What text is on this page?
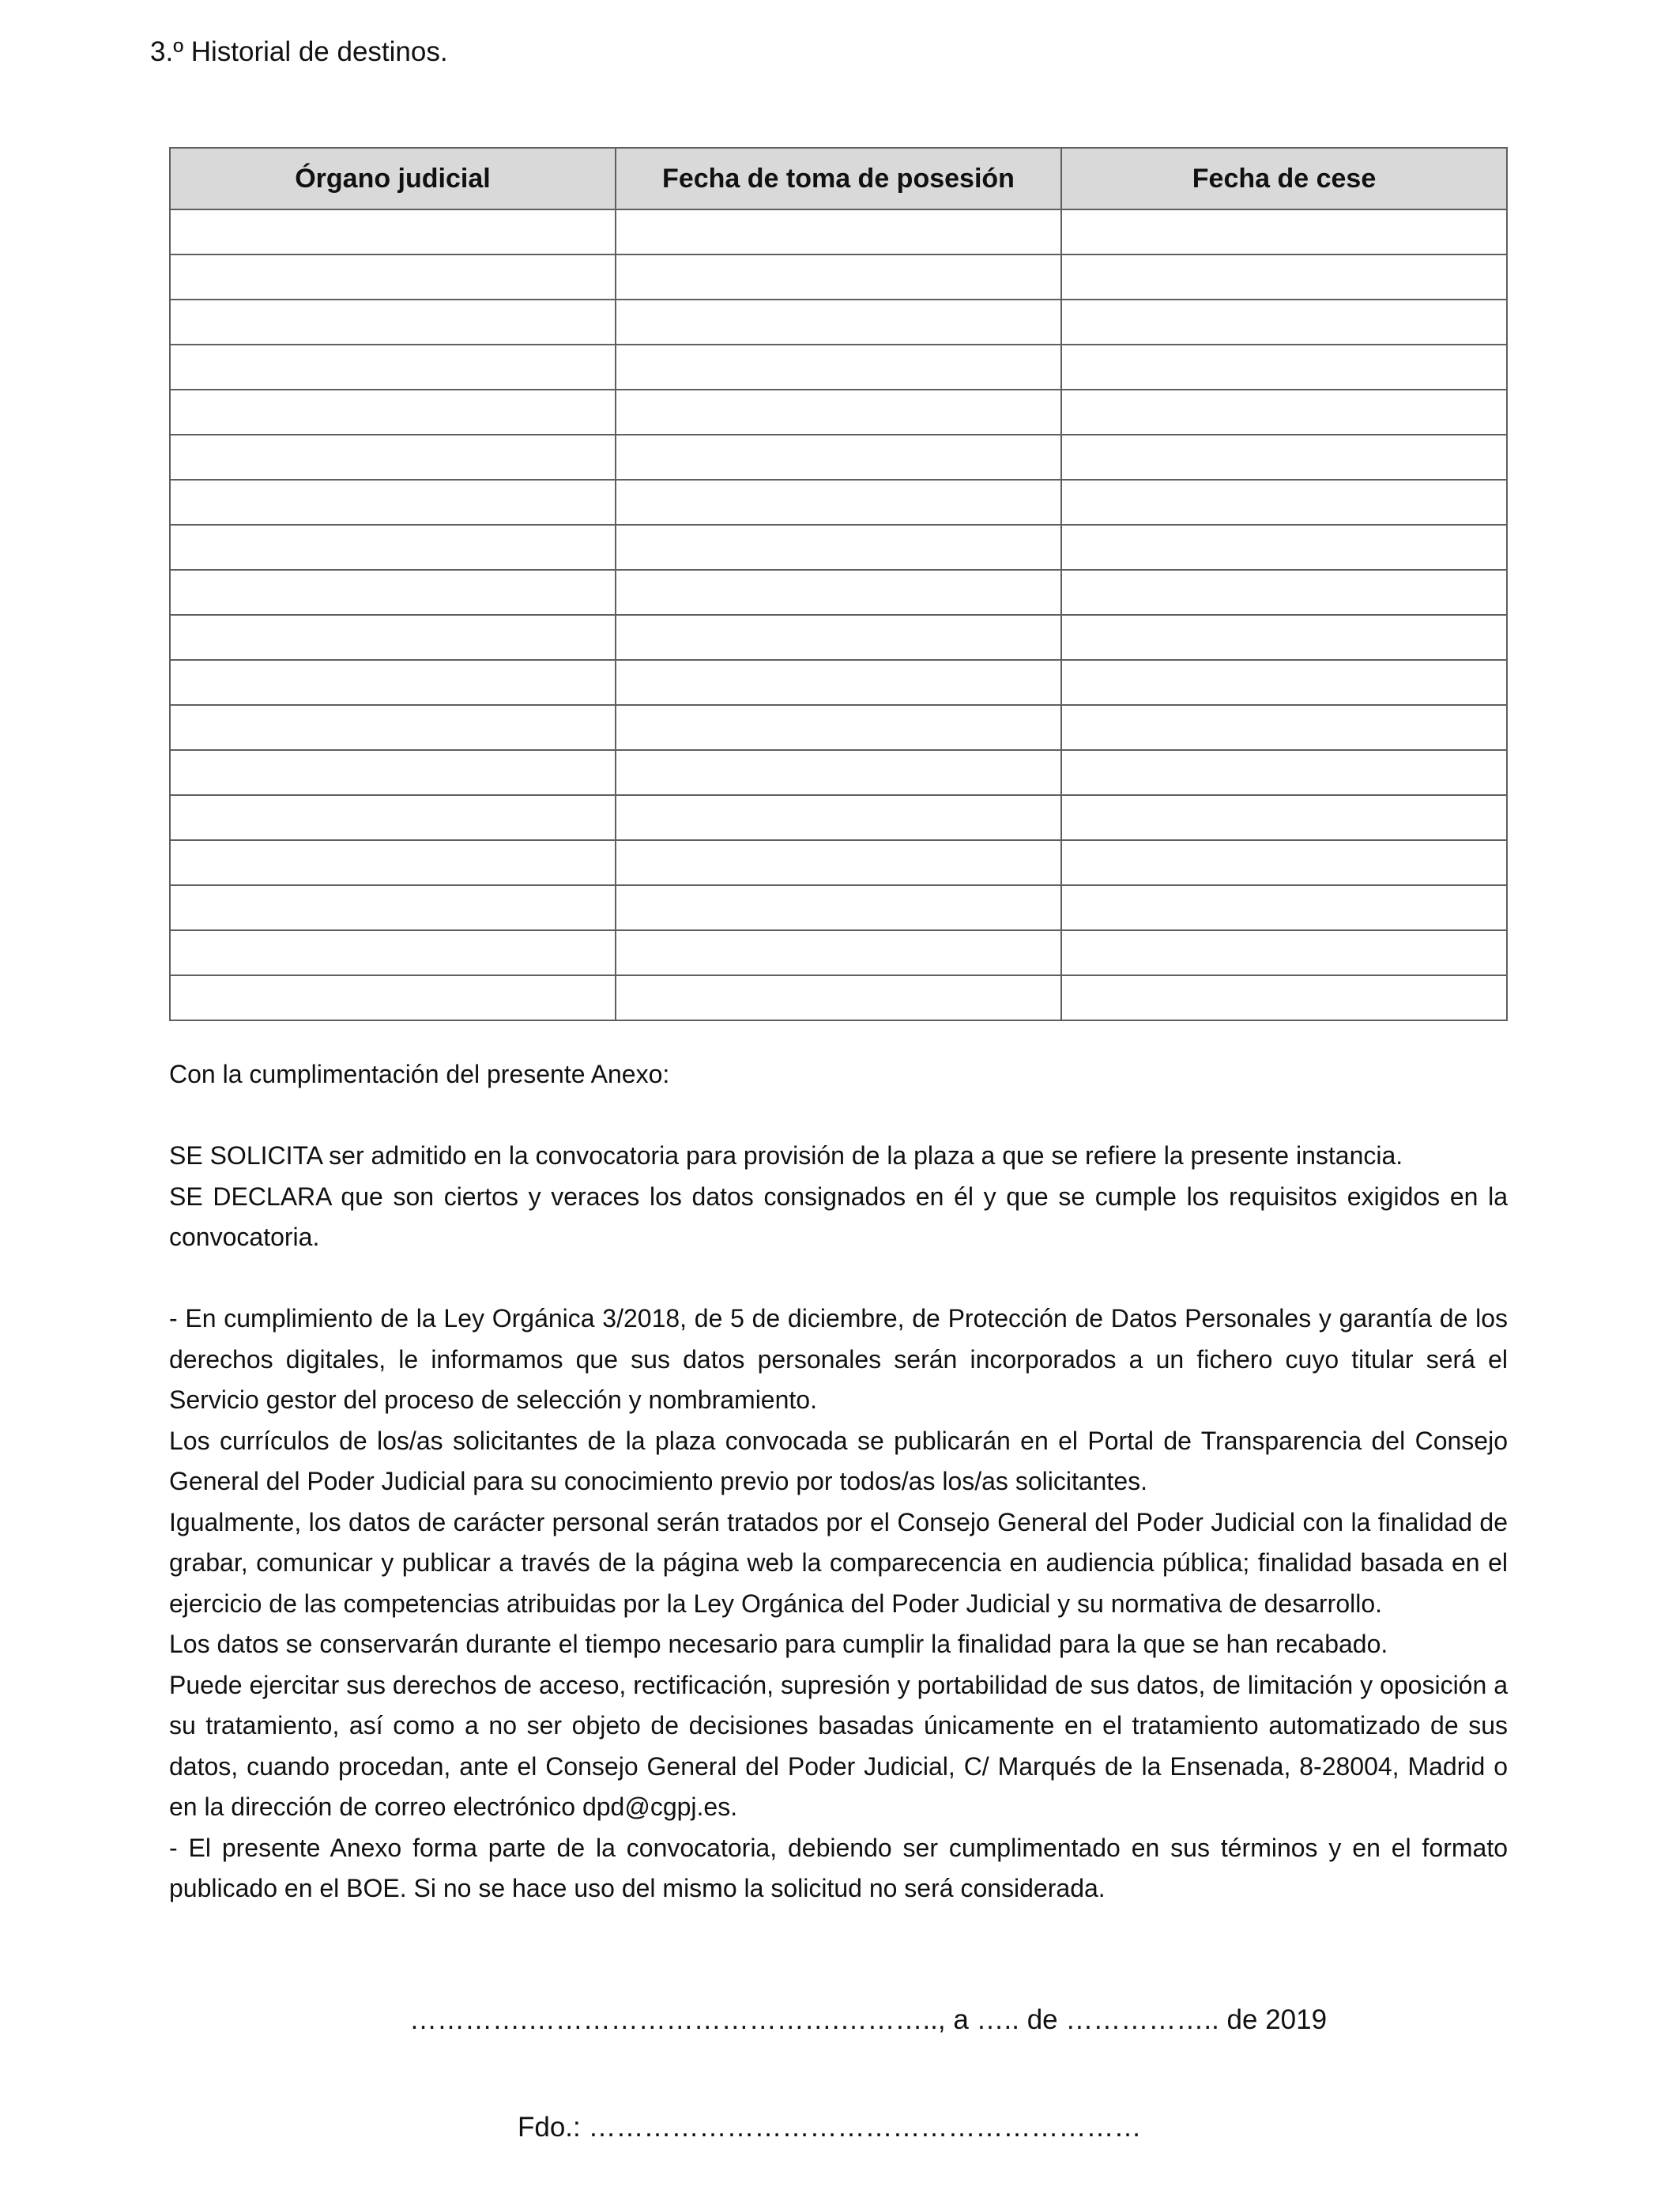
3.º Historial de destinos.
Órgano judicial	Fecha de toma de posesión	Fecha de cese

Con la cumplimentación del presente Anexo:

SE SOLICITA ser admitido en la convocatoria para provisión de la plaza a que se refiere la presente instancia.

SE DECLARA que son ciertos y veraces los datos consignados en él y que se cumple los requisitos exigidos en la convocatoria.

- En cumplimiento de la Ley Orgánica 3/2018, de 5 de diciembre, de Protección de Datos Personales y garantía de los derechos digitales, le informamos que sus datos personales serán incorporados a un fichero cuyo titular será el Servicio gestor del proceso de selección y nombramiento.

Los currículos de los/as solicitantes de la plaza convocada se publicarán en el Portal de Transparencia del Consejo General del Poder Judicial para su conocimiento previo por todos/as los/as solicitantes.

Igualmente, los datos de carácter personal serán tratados por el Consejo General del Poder Judicial con la finalidad de grabar, comunicar y publicar a través de la página web la comparecencia en audiencia pública; finalidad basada en el ejercicio de las competencias atribuidas por la Ley Orgánica del Poder Judicial y su normativa de desarrollo.

Los datos se conservarán durante el tiempo necesario para cumplir la finalidad para la que se han recabado.

Puede ejercitar sus derechos de acceso, rectificación, supresión y portabilidad de sus datos, de limitación y oposición a su tratamiento, así como a no ser objeto de decisiones basadas únicamente en el tratamiento automatizado de sus datos, cuando procedan, ante el Consejo General del Poder Judicial, C/ Marqués de la Ensenada, 8-28004, Madrid o en la dirección de correo electrónico dpd@cgpj.es.

- El presente Anexo forma parte de la convocatoria, debiendo ser cumplimentado en sus términos y en el formato publicado en el BOE. Si no se hace uso del mismo la solicitud no será considerada.

………….…………………………….……….., a ….. de …………….. de 2019
Fdo.: ……………………………………………………
